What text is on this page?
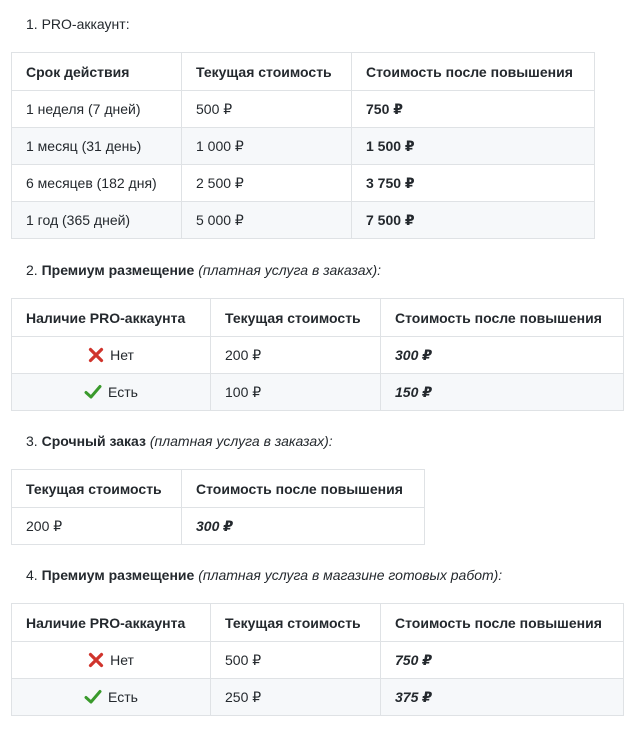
1. PRO-аккаунт:

Срок действия	Текущая стоимость	Стоимость после повышения
1 неделя (7 дней)	500 ₽	750 ₽
1 месяц (31 день)	1 000 ₽	1 500 ₽
6 месяцев (182 дня)	2 500 ₽	3 750 ₽
1 год (365 дней)	5 000 ₽	7 500 ₽

2. Премиум размещение (платная услуга в заказах):

Наличие PRO-аккаунта	Текущая стоимость	Стоимость после повышения
Нет	200 ₽	300 ₽
Есть	100 ₽	150 ₽

3. Срочный заказ (платная услуга в заказах):

Текущая стоимость	Стоимость после повышения
200 ₽	300 ₽

4. Премиум размещение (платная услуга в магазине готовых работ):

Наличие PRO-аккаунта	Текущая стоимость	Стоимость после повышения
Нет	500 ₽	750 ₽
Есть	250 ₽	375 ₽
